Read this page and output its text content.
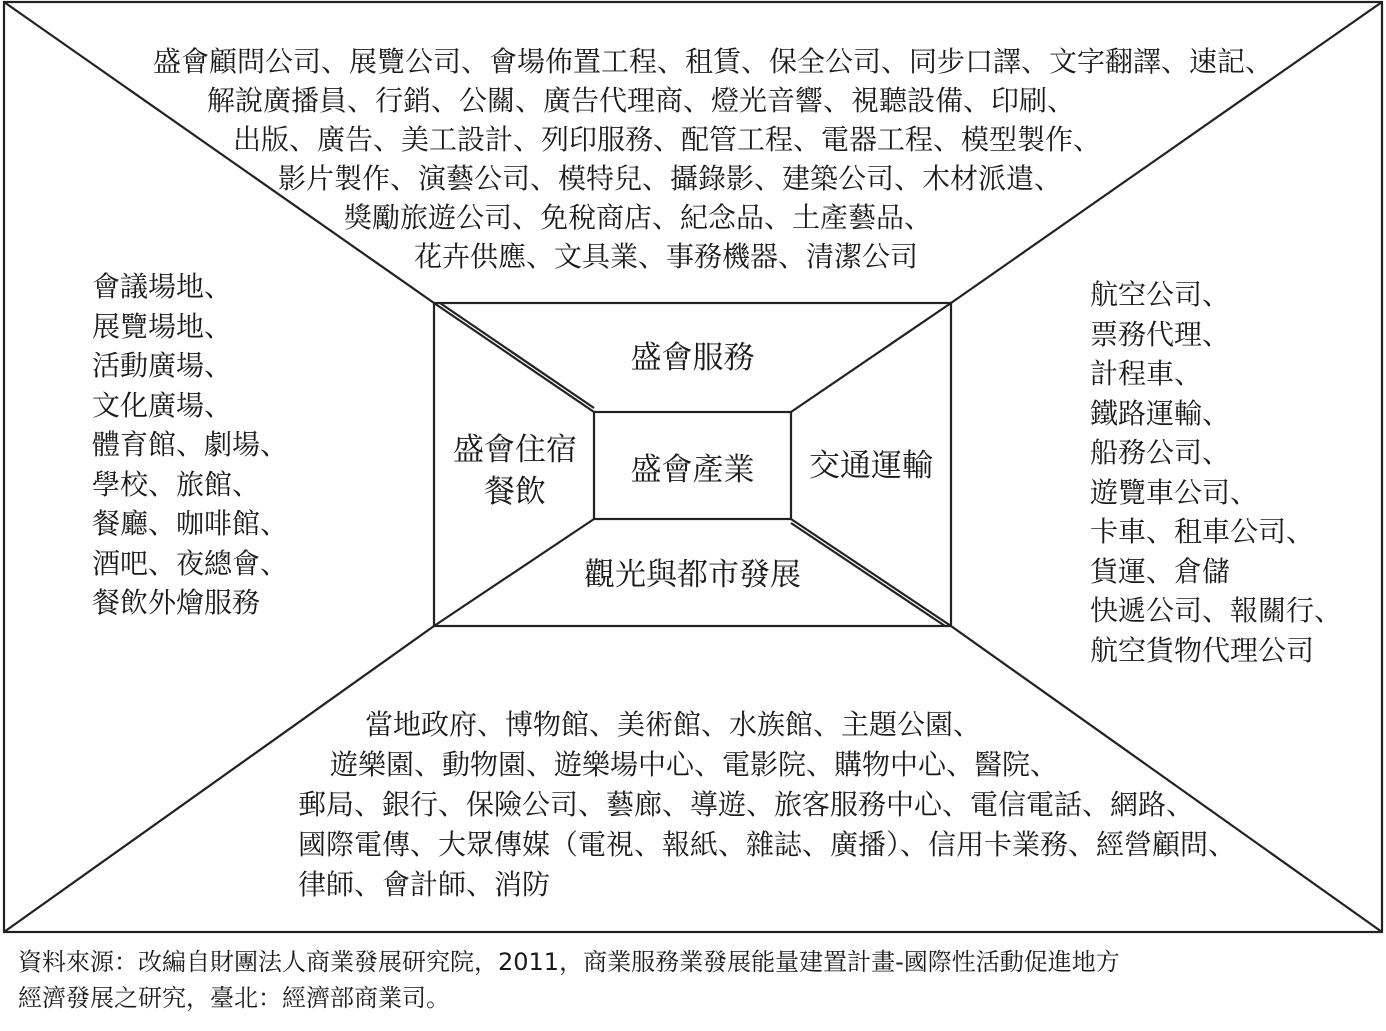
盛會顧問公司、展覽公司、會場佈置工程、租賃、保全公司、同步口譯、文字翻譯、速記、
解說廣播員、行銷、公關、廣告代理商、燈光音響、視聽設備、印刷、
出版、廣告、美工設計、列印服務、配管工程、電器工程、模型製作、
影片製作、演藝公司、模特兒、攝錄影、建築公司、木材派遣、
獎勵旅遊公司、免稅商店、紀念品、土產藝品、
花卉供應、文具業、事務機器、清潔公司
會議場地、
展覽場地、
活動廣場、
文化廣場、
體育館、劇場、
學校、旅館、
餐廳、咖啡館、
酒吧、夜總會、
餐飲外燴服務
航空公司、
票務代理、
計程車、
鐵路運輸、
船務公司、
遊覽車公司、
卡車、租車公司、
貨運、倉儲
快遞公司、報關行、
航空貨物代理公司
當地政府、博物館、美術館、水族館、主題公園、
遊樂園、動物園、遊樂場中心、電影院、購物中心、醫院、
郵局、銀行、保險公司、藝廊、導遊、旅客服務中心、電信電話、網路、
國際電傳、大眾傳媒（電視、報紙、雜誌、廣播）、信用卡業務、經營顧問、
律師、會計師、消防
盛會服務
盛會住宿
餐飲
盛會產業	交通運輸
觀光與都市發展
資料來源：改編自財團法人商業發展研究院，2011，商業服務業發展能量建置計畫-國際性活動促進地方
經濟發展之研究，臺北：經濟部商業司。
